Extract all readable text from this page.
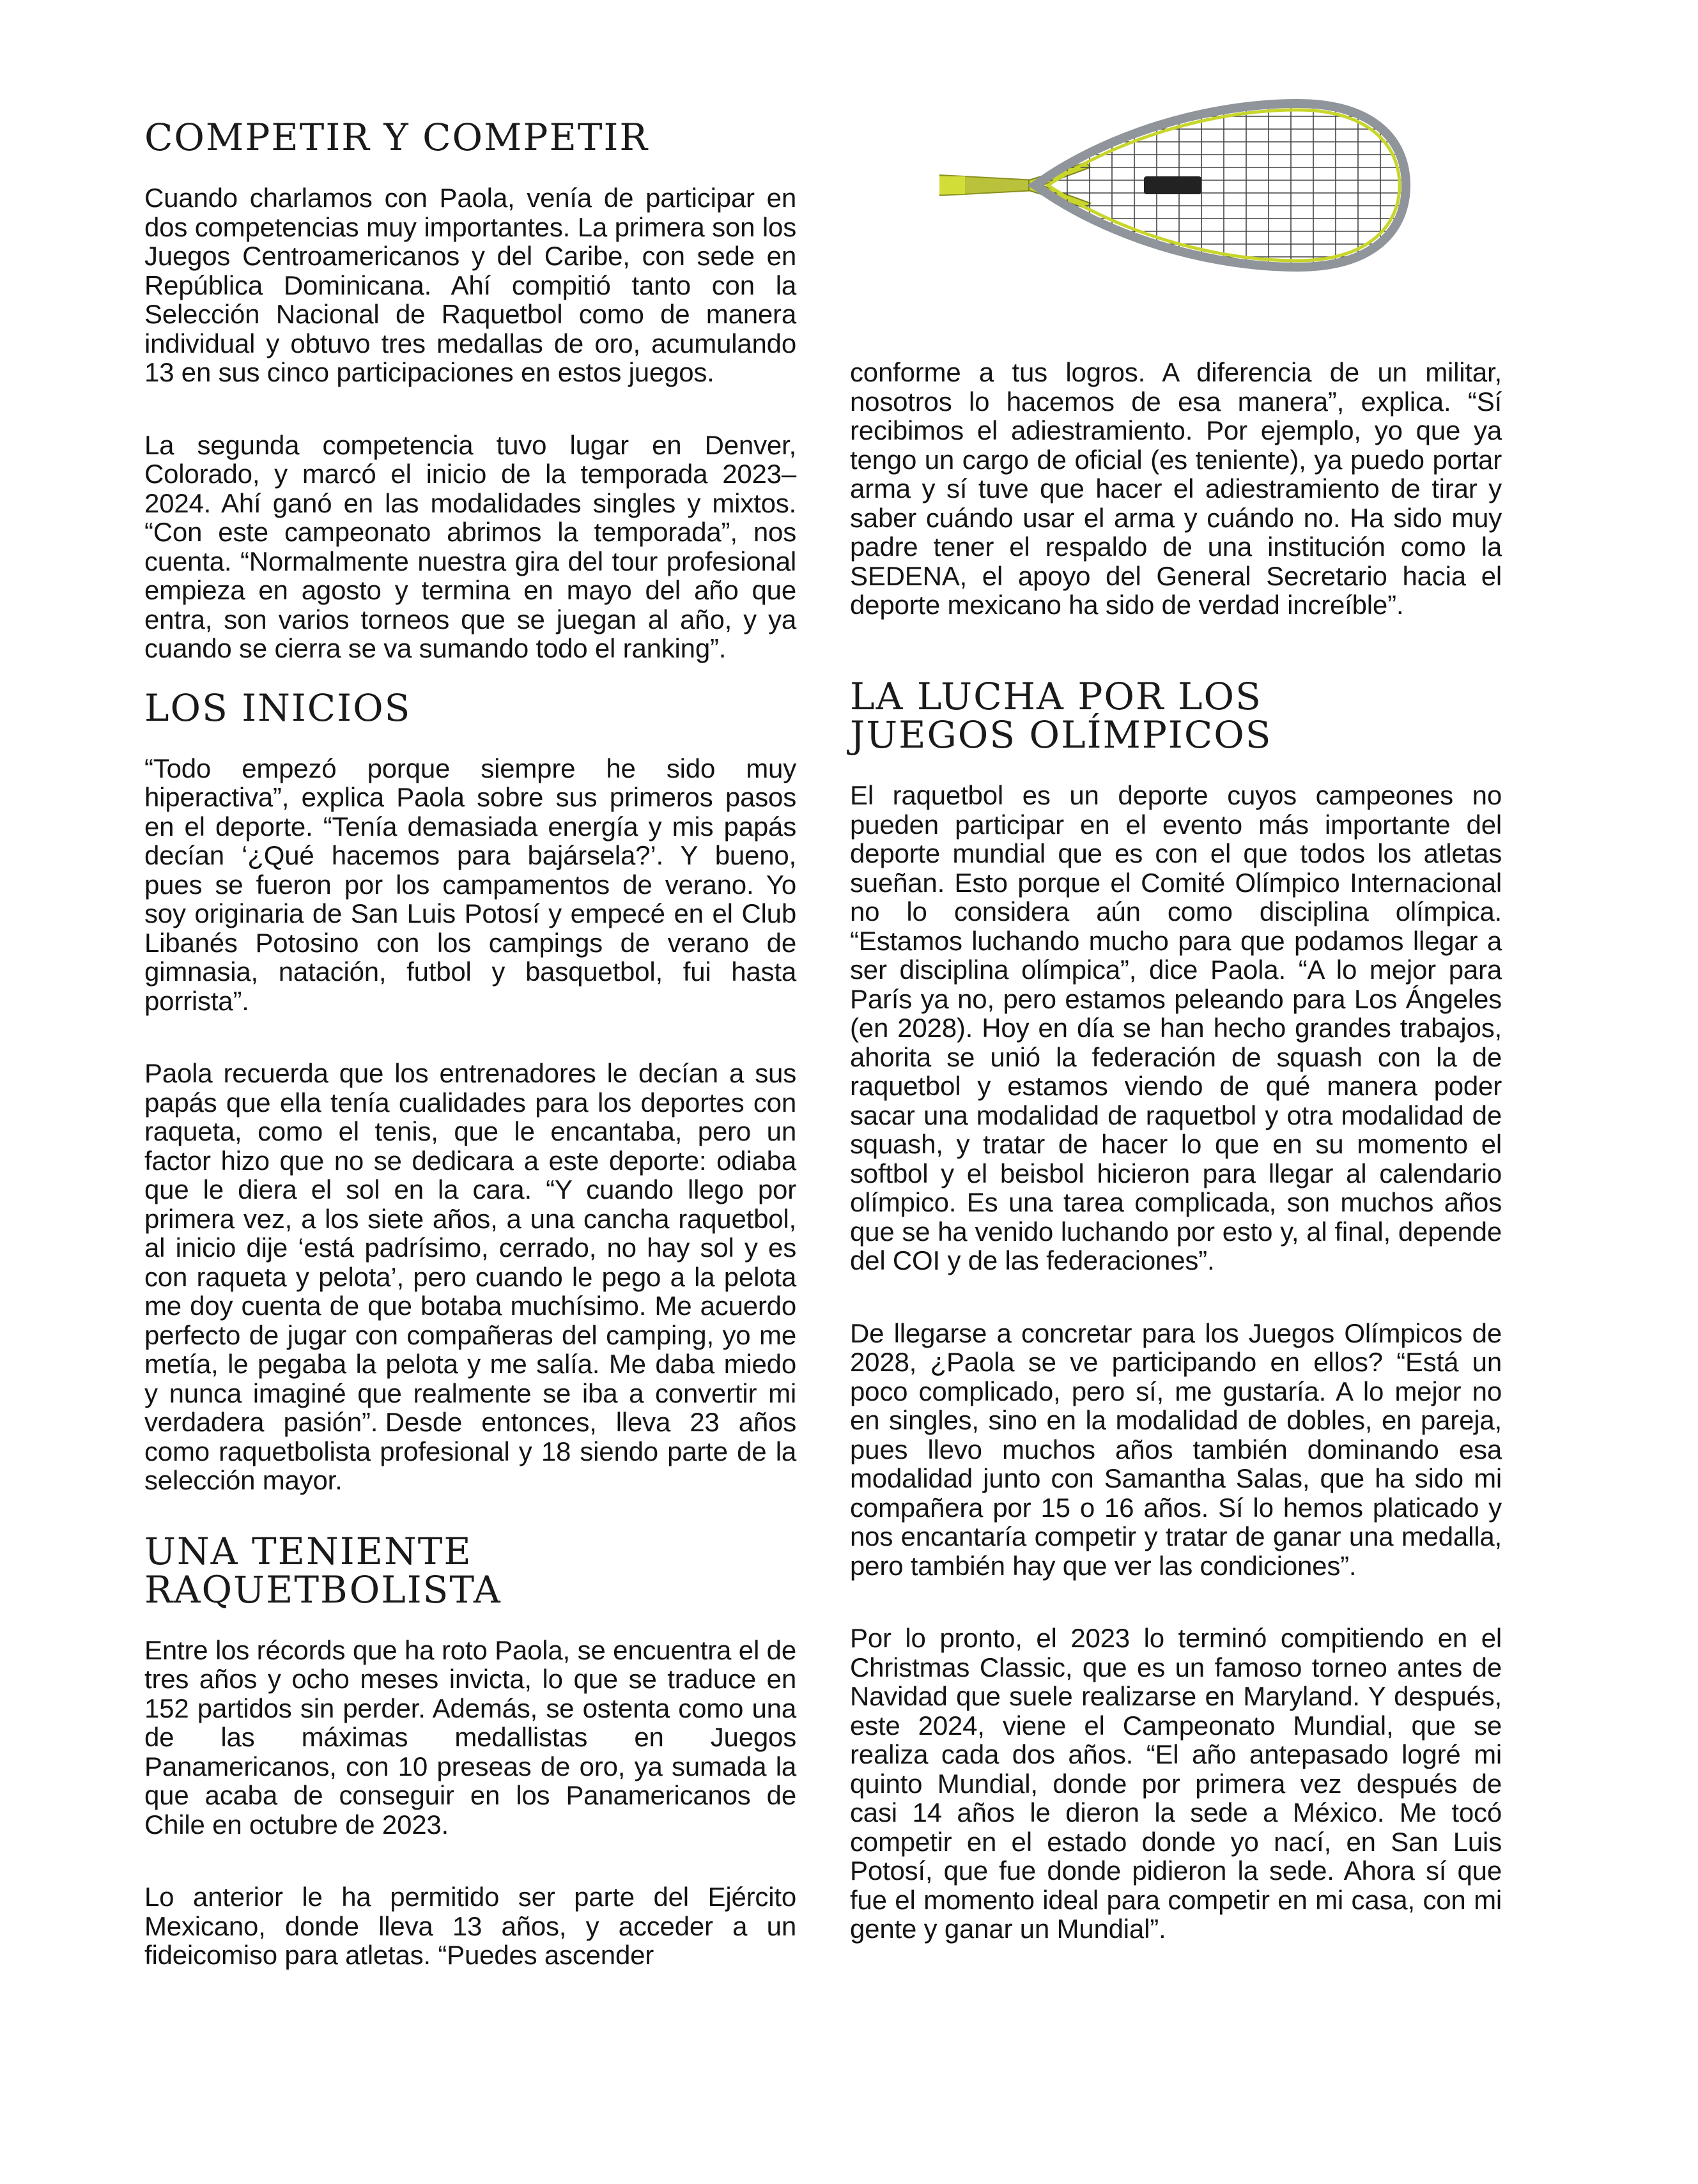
COMPETIR Y COMPETIR

Cuando charlamos con Paola, venía de participar en dos competencias muy importantes. La primera son los Juegos Centroamericanos y del Caribe, con sede en República Dominicana. Ahí compitió tanto con la Selección Nacional de Raquetbol como de manera individual y obtuvo tres medallas de oro, acumulando 13 en sus cinco participaciones en estos juegos.

La segunda competencia tuvo lugar en Denver, Colorado, y marcó el inicio de la temporada 2023–2024. Ahí ganó en las modalidades singles y mixtos. “Con este campeonato abrimos la temporada”, nos cuenta. “Normalmente nuestra gira del tour profesional empieza en agosto y termina en mayo del año que entra, son varios torneos que se juegan al año, y ya cuando se cierra se va sumando todo el ranking”.

LOS INICIOS

“Todo empezó porque siempre he sido muy hiperactiva”, explica Paola sobre sus primeros pasos en el deporte. “Tenía demasiada energía y mis papás decían ‘¿Qué hacemos para bajársela?’. Y bueno, pues se fueron por los campamentos de verano. Yo soy originaria de San Luis Potosí y empecé en el Club Libanés Potosino con los campings de verano de gimnasia, natación, futbol y basquetbol, fui hasta porrista”.

Paola recuerda que los entrenadores le decían a sus papás que ella tenía cualidades para los deportes con raqueta, como el tenis, que le encantaba, pero un factor hizo que no se dedicara a este deporte: odiaba que le diera el sol en la cara. “Y cuando llego por primera vez, a los siete años, a una cancha raquetbol, al inicio dije ‘está padrísimo, cerrado, no hay sol y es con raqueta y pelota’, pero cuando le pego a la pelota me doy cuenta de que botaba muchísimo. Me acuerdo perfecto de jugar con compañeras del camping, yo me metía, le pegaba la pelota y me salía. Me daba miedo y nunca imaginé que realmente se iba a convertir mi verdadera pasión”. Desde entonces, lleva 23 años como raquetbolista profesional y 18 siendo parte de la selección mayor.

UNA TENIENTE RAQUETBOLISTA

Entre los récords que ha roto Paola, se encuentra el de tres años y ocho meses invicta, lo que se traduce en 152 partidos sin perder. Además, se ostenta como una de las máximas medallistas en Juegos Panamericanos, con 10 preseas de oro, ya sumada la que acaba de conseguir en los Panamericanos de Chile en octubre de 2023.

Lo anterior le ha permitido ser parte del Ejército Mexicano, donde lleva 13 años, y acceder a un fideicomiso para atletas. “Puedes ascender

conforme a tus logros. A diferencia de un militar, nosotros lo hacemos de esa manera”, explica. “Sí recibimos el adiestramiento. Por ejemplo, yo que ya tengo un cargo de oficial (es teniente), ya puedo portar arma y sí tuve que hacer el adiestramiento de tirar y saber cuándo usar el arma y cuándo no. Ha sido muy padre tener el respaldo de una institución como la SEDENA, el apoyo del General Secretario hacia el deporte mexicano ha sido de verdad increíble”.

LA LUCHA POR LOS JUEGOS OLÍMPICOS

El raquetbol es un deporte cuyos campeones no pueden participar en el evento más importante del deporte mundial que es con el que todos los atletas sueñan. Esto porque el Comité Olímpico Internacional no lo considera aún como disciplina olímpica. “Estamos luchando mucho para que podamos llegar a ser disciplina olímpica”, dice Paola. “A lo mejor para París ya no, pero estamos peleando para Los Ángeles (en 2028). Hoy en día se han hecho grandes trabajos, ahorita se unió la federación de squash con la de raquetbol y estamos viendo de qué manera poder sacar una modalidad de raquetbol y otra modalidad de squash, y tratar de hacer lo que en su momento el softbol y el beisbol hicieron para llegar al calendario olímpico. Es una tarea complicada, son muchos años que se ha venido luchando por esto y, al final, depende del COI y de las federaciones”.

De llegarse a concretar para los Juegos Olímpicos de 2028, ¿Paola se ve participando en ellos? “Está un poco complicado, pero sí, me gustaría. A lo mejor no en singles, sino en la modalidad de dobles, en pareja, pues llevo muchos años también dominando esa modalidad junto con Samantha Salas, que ha sido mi compañera por 15 o 16 años. Sí lo hemos platicado y nos encantaría competir y tratar de ganar una medalla, pero también hay que ver las condiciones”.

Por lo pronto, el 2023 lo terminó compitiendo en el Christmas Classic, que es un famoso torneo antes de Navidad que suele realizarse en Maryland. Y después, este 2024, viene el Campeonato Mundial, que se realiza cada dos años. “El año antepasado logré mi quinto Mundial, donde por primera vez después de casi 14 años le dieron la sede a México. Me tocó competir en el estado donde yo nací, en San Luis Potosí, que fue donde pidieron la sede. Ahora sí que fue el momento ideal para competir en mi casa, con mi gente y ganar un Mundial”.
